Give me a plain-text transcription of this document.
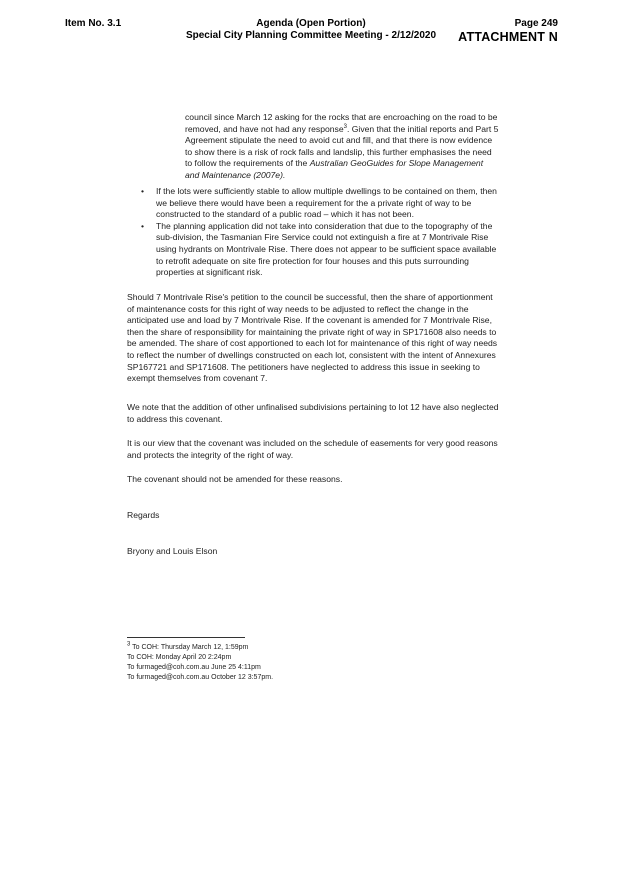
Item No. 3.1	Agenda (Open Portion)
Special City Planning Committee Meeting - 2/12/2020
Page 249
ATTACHMENT N
council since March 12 asking for the rocks that are encroaching on the road to be removed, and have not had any response$^3$. Given that the initial reports and Part 5 Agreement stipulate the need to avoid cut and fill, and that there is now evidence to show there is a risk of rock falls and landslip, this further emphasises the need to follow the requirements of the Australian GeoGuides for Slope Management and Maintenance (2007e).
• If the lots were sufficiently stable to allow multiple dwellings to be contained on them, then we believe there would have been a requirement for the a private right of way to be constructed to the standard of a public road – which it has not been.
• The planning application did not take into consideration that due to the topography of the sub-division, the Tasmanian Fire Service could not extinguish a fire at 7 Montrivale Rise using hydrants on Montrivale Rise. There does not appear to be sufficient space available to retrofit adequate on site fire protection for four houses and this puts surrounding properties at significant risk.

Should 7 Montrivale Rise's petition to the council be successful, then the share of apportionment of maintenance costs for this right of way needs to be adjusted to reflect the change in the anticipated use and load by 7 Montrivale Rise. If the covenant is amended for 7 Montrivale Rise, then the share of responsibility for maintaining the private right of way in SP171608 also needs to be amended. The share of cost apportioned to each lot for maintenance of this right of way needs to reflect the number of dwellings constructed on each lot, consistent with the intent of Annexures SP167721 and SP171608. The petitioners have neglected to address this issue in seeking to exempt themselves from covenant 7.

We note that the addition of other unfinalised subdivisions pertaining to lot 12 have also neglected to address this covenant.

It is our view that the covenant was included on the schedule of easements for very good reasons and protects the integrity of the right of way.

The covenant should not be amended for these reasons.

Regards

Bryony and Louis Elson

$^3$ To COH: Thursday March 12, 1:59pm
To COH: Monday April 20 2:24pm
To furmaged@coh.com.au June 25 4:11pm
To furmaged@coh.com.au October 12 3:57pm.
